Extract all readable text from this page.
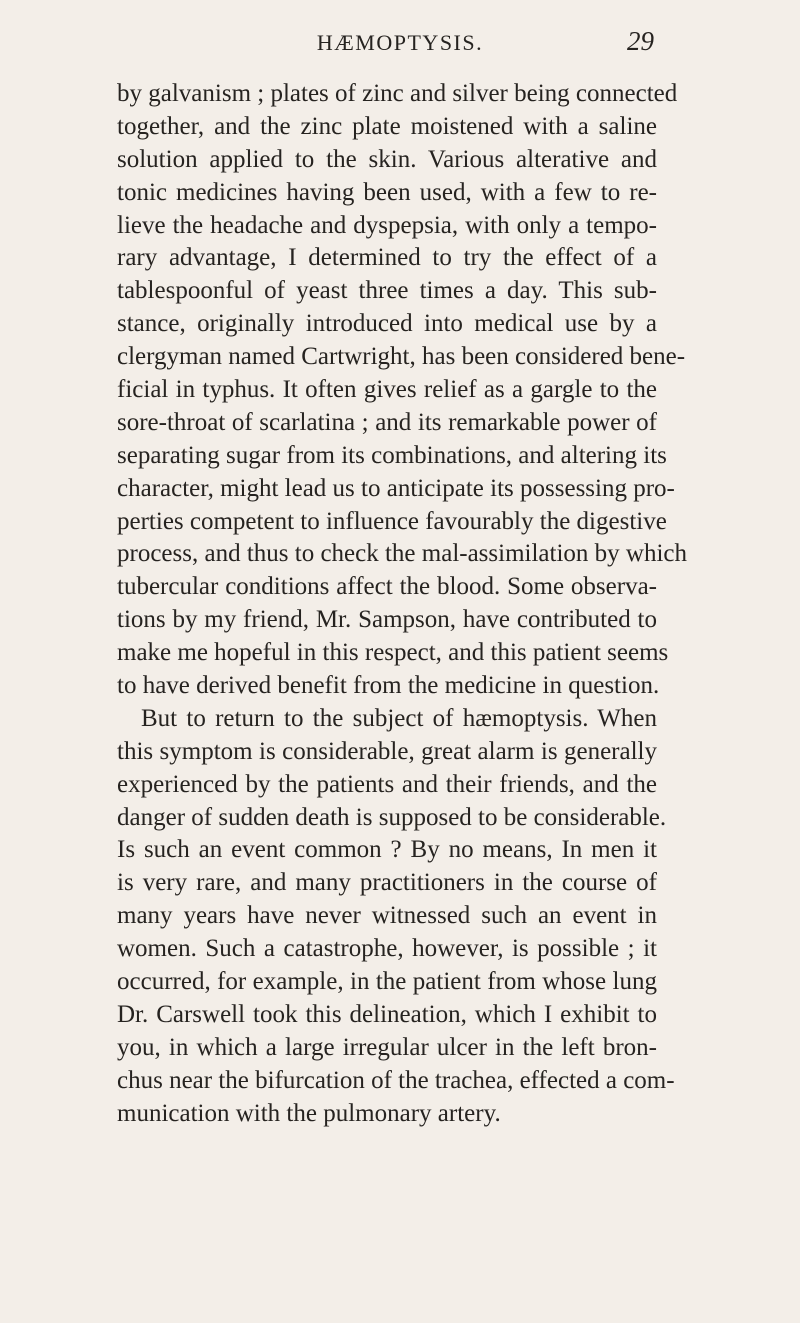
HÆMOPTYSIS.	29
by galvanism ; plates of zinc and silver being connected
together, and the zinc plate moistened with a saline
solution applied to the skin. Various alterative and
tonic medicines having been used, with a few to re-
lieve the headache and dyspepsia, with only a tempo-
rary advantage, I determined to try the effect of a
tablespoonful of yeast three times a day. This sub-
stance, originally introduced into medical use by a
clergyman named Cartwright, has been considered bene-
ficial in typhus. It often gives relief as a gargle to the
sore-throat of scarlatina ; and its remarkable power of
separating sugar from its combinations, and altering its
character, might lead us to anticipate its possessing pro-
perties competent to influence favourably the digestive
process, and thus to check the mal-assimilation by which
tubercular conditions affect the blood. Some observa-
tions by my friend, Mr. Sampson, have contributed to
make me hopeful in this respect, and this patient seems
to have derived benefit from the medicine in question.
But to return to the subject of hæmoptysis. When
this symptom is considerable, great alarm is generally
experienced by the patients and their friends, and the
danger of sudden death is supposed to be considerable.
Is such an event common ? By no means, In men it
is very rare, and many practitioners in the course of
many years have never witnessed such an event in
women. Such a catastrophe, however, is possible ; it
occurred, for example, in the patient from whose lung
Dr. Carswell took this delineation, which I exhibit to
you, in which a large irregular ulcer in the left bron-
chus near the bifurcation of the trachea, effected a com-
munication with the pulmonary artery.
